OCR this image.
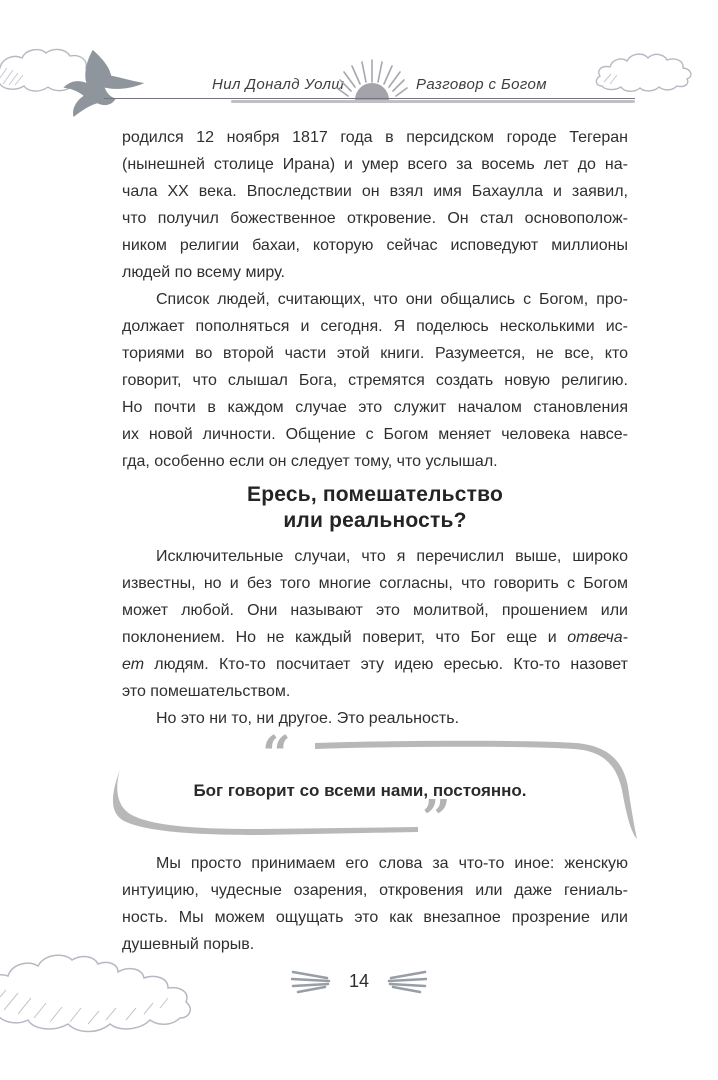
Нил Доналд Уолш	Разговор с Богом
родился 12 ноября 1817 года в персидском городе Тегеран
(нынешней столице Ирана) и умер всего за восемь лет до на-
чала XX века. Впоследствии он взял имя Бахаулла и заявил,
что получил божественное откровение. Он стал основополож-
ником религии бахаи, которую сейчас исповедуют миллионы
людей по всему миру.
Список людей, считающих, что они общались с Богом, про-
должает пополняться и сегодня. Я поделюсь несколькими ис-
ториями во второй части этой книги. Разумеется, не все, кто
говорит, что слышал Бога, стремятся создать новую религию.
Но почти в каждом случае это служит началом становления
их новой личности. Общение с Богом меняет человека навсе-
гда, особенно если он следует тому, что услышал.
Ересь, помешательство
или реальность?
Исключительные случаи, что я перечислил выше, широко
известны, но и без того многие согласны, что говорить с Богом
может любой. Они называют это молитвой, прошением или
поклонением. Но не каждый поверит, что Бог еще и отвеча-
ет людям. Кто-то посчитает эту идею ересью. Кто-то назовет
это помешательством.
Но это ни то, ни другое. Это реальность.
“
Бог говорит со всеми нами, постоянно.
”
Мы просто принимаем его слова за что-то иное: женскую
интуицию, чудесные озарения, откровения или даже гениаль-
ность. Мы можем ощущать это как внезапное прозрение или
душевный порыв.
14
